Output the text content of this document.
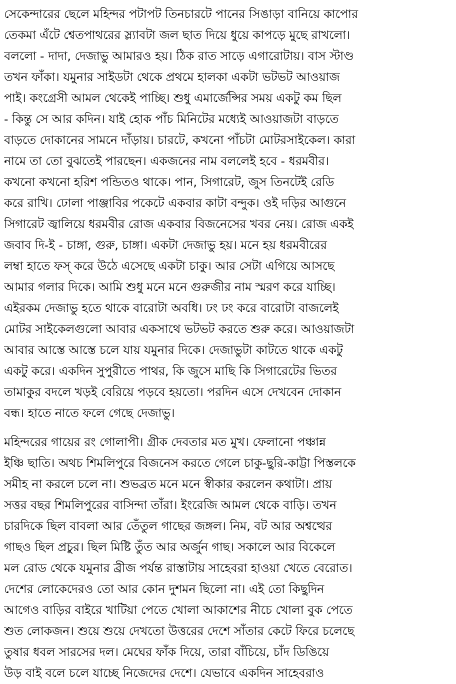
সেকেন্দারের ছেলে মহিন্দর পটাপট তিনচারটে পানের সিঙাড়া বানিয়ে কাপোর
তেকমা এঁটে শ্বেতপাথরের স্ল্যাবটা জল ছাত দিয়ে ধুয়ে কাপড়ে মুছে রাখলো।
বললো - দাদা, দেজাভু আমারও হয়। ঠিক রাত সাড়ে এগারোটায়। বাস স্টাণ্ড
তখন ফাঁকা। যমুনার সাইডটা থেকে প্রথমে হালকা একটা ভটভট আওয়াজ
পাই। কংগ্রেসী আমল থেকেই পাচ্ছি। শুধু এমার্জেন্সির সময় একটু কম ছিল
- কিন্তু সে আর কদিন। যাই হোক পাঁচ মিনিটের মধ্যেই আওয়াজটা বাড়তে
বাড়তে দোকানের সামনে দাঁড়ায়। চারটে, কখনো পাঁচটা মোটরসাইকেল। কারা
নামে তা তো বুঝতেই পারছেন। একজনের নাম বললেই হবে - ধরমবীর।
কখনো কখনো হরিশ পন্ডিতও থাকে। পান, সিগারেট, জুস তিনটেই রেডি
করে রাখি। ঢোলা পাঞ্জাবির পকেটে একবার কাটা বন্দুক। ওই দড়ির আগুনে
সিগারেট জ্বালিয়ে ধরমবীর রোজ একবার বিজনেসের খবর নেয়। রোজ একই
জবাব দি-ই - চাঙ্গা, গুরু, চাঙ্গা। একটা দেজাভু হয়। মনে হয় ধরমবীরের
লম্বা হাতে ফস্ করে উঠে এসেছে একটা চাকু। আর সেটা এগিয়ে আসছে
আমার গলার দিকে। আমি শুধু মনে মনে গুরুজীর নাম স্মরণ করে যাচ্ছি।
এইরকম দেজাভু হতে থাকে বারোটা অবধি। ঢং ঢং করে বারোটা বাজলেই
মোটর সাইকেলগুলো আবার একসাথে ভটভট করতে শুরু করে। আওয়াজটা
আবার আস্তে আস্তে চলে যায় যমুনার দিকে। দেজাভুটা কাটতে থাকে একটু
একটু করে। একদিন সুপুরীতে পাথর, কি জুসে মাছি কি সিগারেটের ভিতর
তামাকুর বদলে খড়ই বেরিয়ে পড়বে হয়তো। পরদিন এসে দেখবেন দোকান
বন্ধ। হাতে নাতে ফলে গেছে দেজাভু।
মহিন্দরের গায়ের রং গোলাপী। গ্রীক দেবতার মত মুখ। ফেলানো পঞ্চান্ন
ইঞ্চি ছাতি। অথচ শিমলিপুরে বিজনেস করতে গেলে চাকু-ছুরি-কাট্টা পিস্তলকে
সমীহ না করলে চলে না। শুভব্রত মনে মনে স্বীকার করলেন কথাটা। প্রায়
সত্তর বছর শিমলিপুরের বাসিন্দা তাঁরা। ইংরেজি আমল থেকে বাড়ি। তখন
চারদিকে ছিল বাবলা আর তেঁতুল গাছের জঙ্গল। নিম, বট আর অশ্বত্থের
গাছও ছিল প্রচুর। ছিল মিষ্টি তুঁত আর অর্জুন গাছ। সকালে আর বিকেলে
মল রোড থেকে যমুনার ব্রীজ পর্যন্ত রাস্তাটায় সাহেবরা হাওয়া খেতে বেরোত।
দেশের লোকেদেরও তো আর কোন দুশমন ছিলো না। এই তো কিছুদিন
আগেও বাড়ির বাইরে খাটিয়া পেতে খোলা আকাশের নীচে খোলা বুক পেতে
শুত লোকজন। শুয়ে শুয়ে দেখতো উত্তরের দেশে সাঁতার কেটে ফিরে চলেছে
তুষার ধবল সারসের দল। মেঘের ফাঁক দিয়ে, তারা বাঁচিয়ে, চাঁদ ডিঙিয়ে
উড় বাই বলে চলে যাচ্ছে নিজেদের দেশে। যেভাবে একদিন সাহেবরাও
